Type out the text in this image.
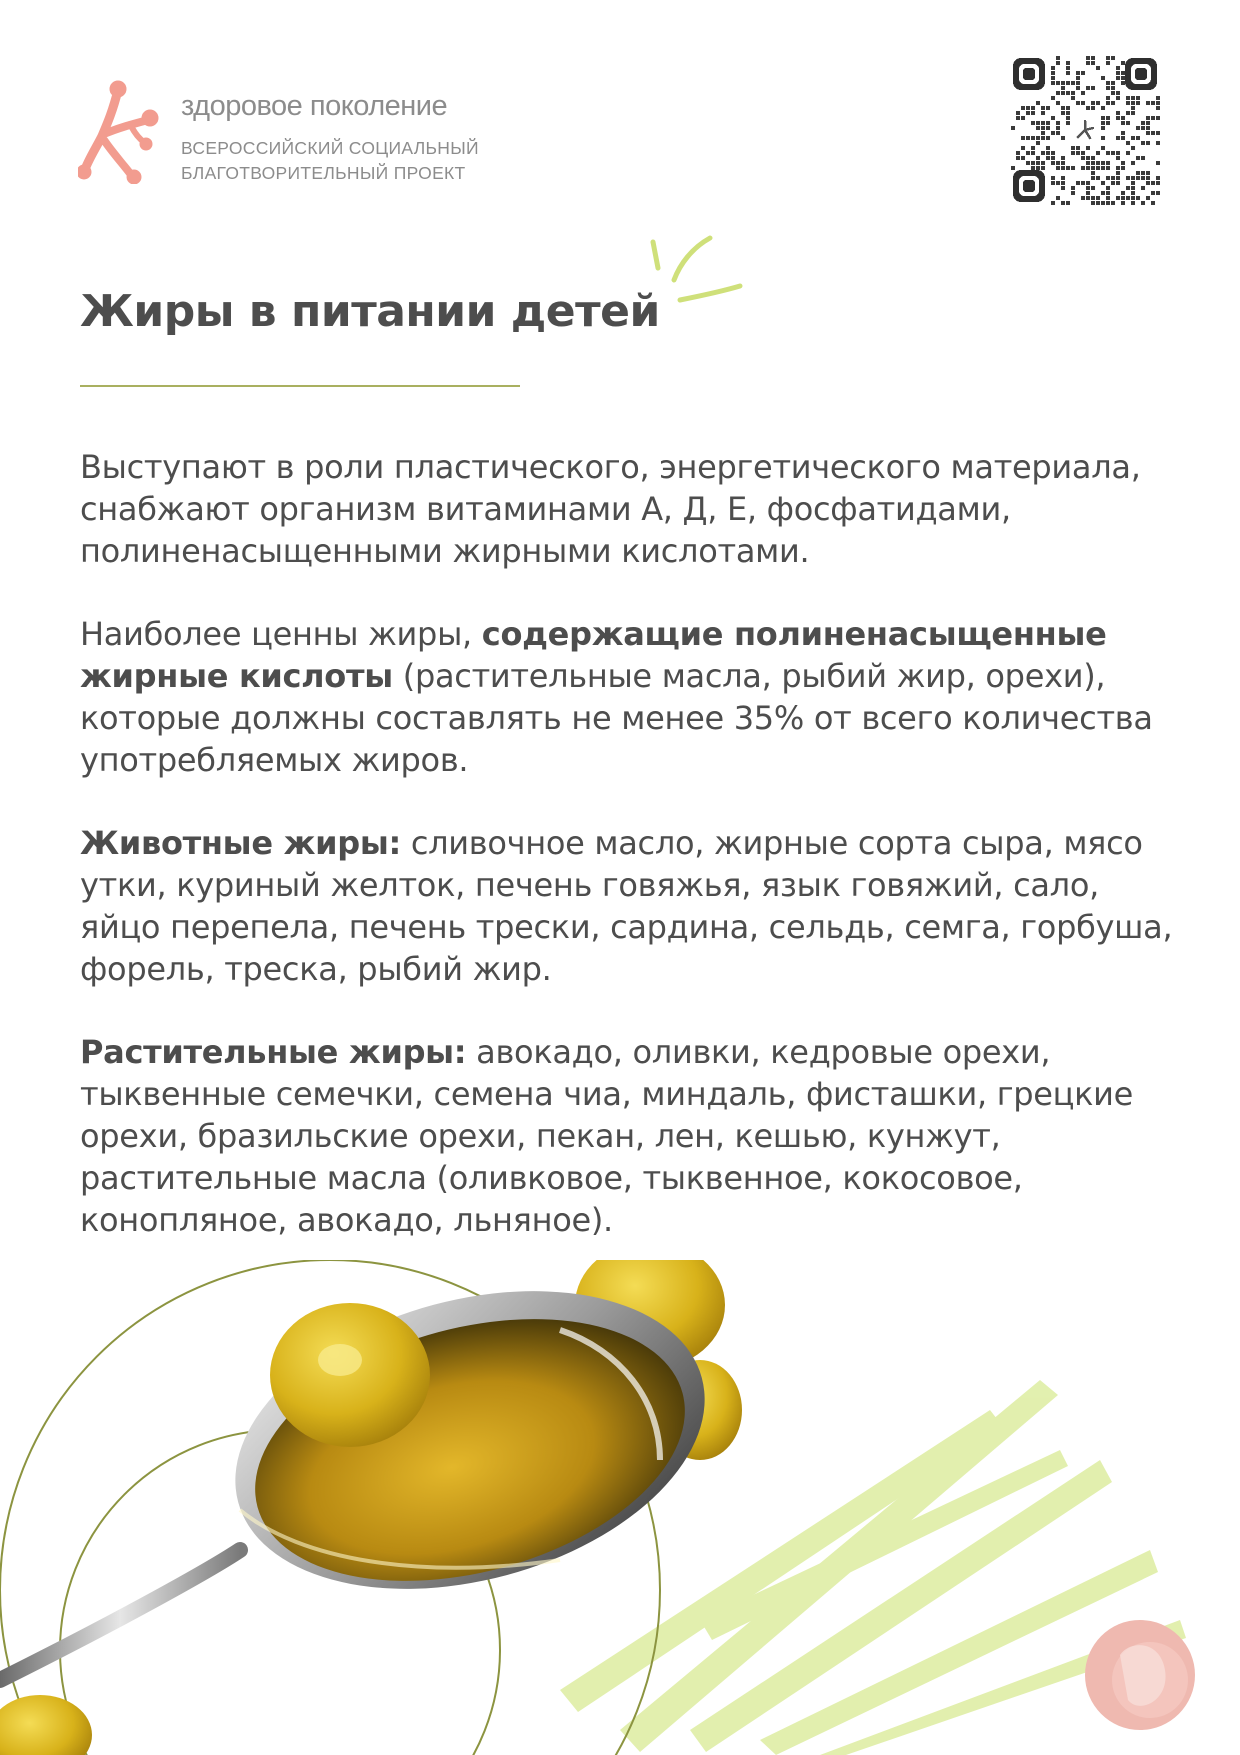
здоровое поколение
ВСЕРОССИЙСКИЙ СОЦИАЛЬНЫЙ
БЛАГОТВОРИТЕЛЬНЫЙ ПРОЕКТ
Жиры в питании детей

Выступают в роли пластического, энергетического материала, снабжают организм витаминами А, Д, Е, фосфатидами, полиненасыщенными жирными кислотами.

Наиболее ценны жиры, содержащие полиненасыщенные жирные кислоты (растительные масла, рыбий жир, орехи), которые должны составлять не менее 35% от всего количества употребляемых жиров.

Животные жиры: сливочное масло, жирные сорта сыра, мясо утки, куриный желток, печень говяжья, язык говяжий, сало, яйцо перепела, печень трески, сардина, сельдь, семга, горбуша, форель, треска, рыбий жир.

Растительные жиры: авокадо, оливки, кедровые орехи, тыквенные семечки, семена чиа, миндаль, фисташки, грецкие орехи, бразильские орехи, пекан, лен, кешью, кунжут, растительные масла (оливковое, тыквенное, кокосовое, конопляное, авокадо, льняное).
